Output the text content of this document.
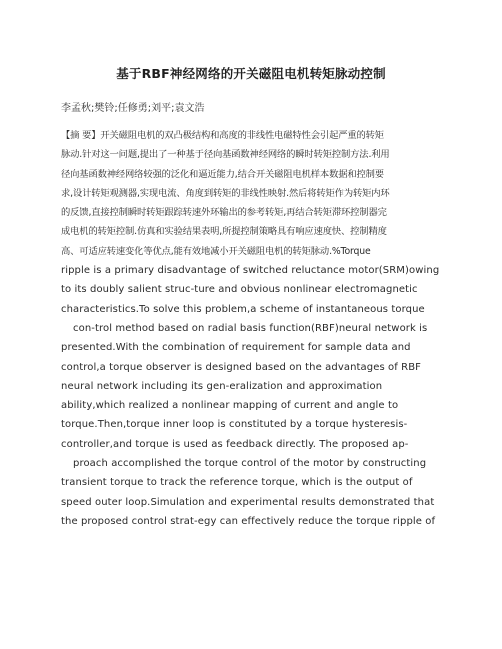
基于RBF神经网络的开关磁阻电机转矩脉动控制
李孟秋;樊铃;任修勇;刘平;袁文浩
【摘 要】开关磁阻电机的双凸极结构和高度的非线性电磁特性会引起严重的转矩
脉动.针对这一问题,提出了一种基于径向基函数神经网络的瞬时转矩控制方法.利用
径向基函数神经网络较强的泛化和逼近能力,结合开关磁阻电机样本数据和控制要
求,设计转矩观测器,实现电流、角度到转矩的非线性映射.然后将转矩作为转矩内环
的反馈,直接控制瞬时转矩跟踪转速外环输出的参考转矩,再结合转矩滞环控制器完
成电机的转矩控制.仿真和实验结果表明,所提控制策略具有响应速度快、控制精度
高、可适应转速变化等优点,能有效地减小开关磁阻电机的转矩脉动.%Torque
ripple is a primary disadvantage of switched reluctance motor(SRM)owing
to its doubly salient struc-ture and obvious nonlinear electromagnetic
characteristics.To solve this problem,a scheme of instantaneous torque
con-trol method based on radial basis function(RBF)neural network is
presented.With the combination of requirement for sample data and
control,a torque observer is designed based on the advantages of RBF
neural network including its gen-eralization and approximation
ability,which realized a nonlinear mapping of current and angle to
torque.Then,torque inner loop is constituted by a torque hysteresis-
controller,and torque is used as feedback directly. The proposed ap-
proach accomplished the torque control of the motor by constructing
transient torque to track the reference torque, which is the output of
speed outer loop.Simulation and experimental results demonstrated that
the proposed control strat-egy can effectively reduce the torque ripple of
